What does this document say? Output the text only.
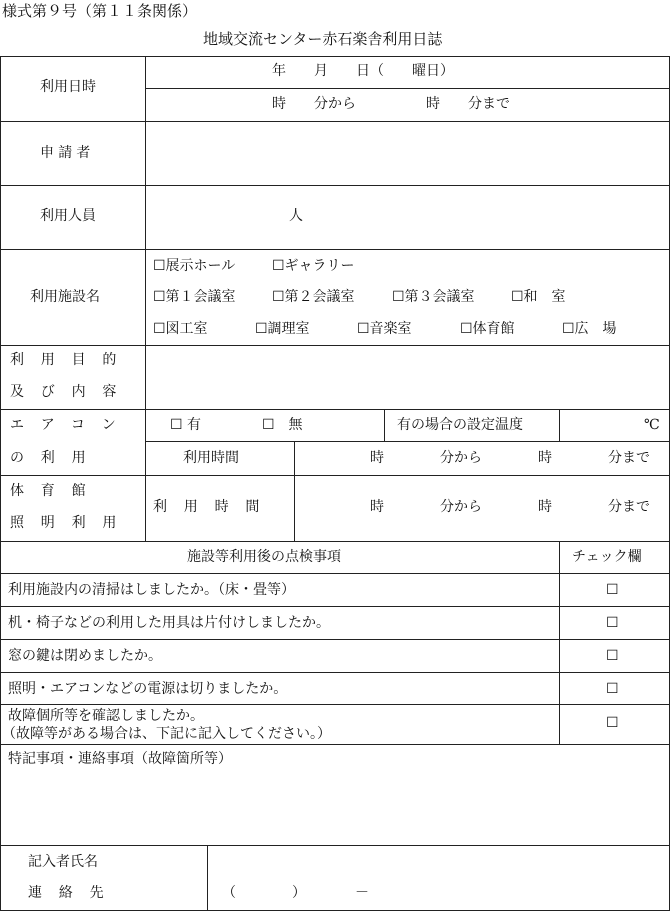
様式第９号（第１１条関係）
地域交流センター赤石楽舎利用日誌
利用日時
年　　月　　日（　　曜日）
時　　分から　　　　　時　　分まで
申請者
利用人員	人
利用施設名
☐展示ホール	☐ギャラリー
☐第１会議室	☐第２会議室	☐第３会議室	☐和　室
☐図工室	☐調理室	☐音楽室	☐体育館	☐広　場
利用目的
及び内容
エアコン
の利用
☐ 有	☐　無	有の場合の設定温度	℃
利用時間	時　　　　分から　　　　時　　　　分まで
体育館
照明利用
利用時間	時　　　　分から　　　　時　　　　分まで
施設等利用後の点検事項	チェック欄
利用施設内の清掃はしましたか。（床・畳等）	☐
机・椅子などの利用した用具は片付けしましたか。	☐
窓の鍵は閉めましたか。	☐
照明・エアコンなどの電源は切りましたか。	☐
故障個所等を確認しましたか。
（故障等がある場合は、下記に記入してください。）
☐
特記事項・連絡事項（故障箇所等）
記入者氏名
連絡先	（　　　　）　　　　－
